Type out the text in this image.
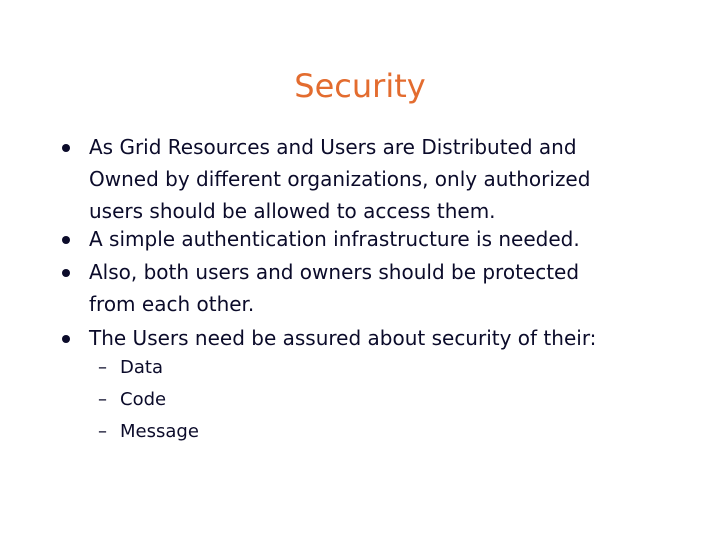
Security
As Grid Resources and Users are Distributed and
Owned by different organizations, only authorized
users should be allowed to access them.
A simple authentication infrastructure is needed.
Also, both users and owners should be protected
from each other.
The Users need be assured about security of their:
– Data
– Code
– Message
